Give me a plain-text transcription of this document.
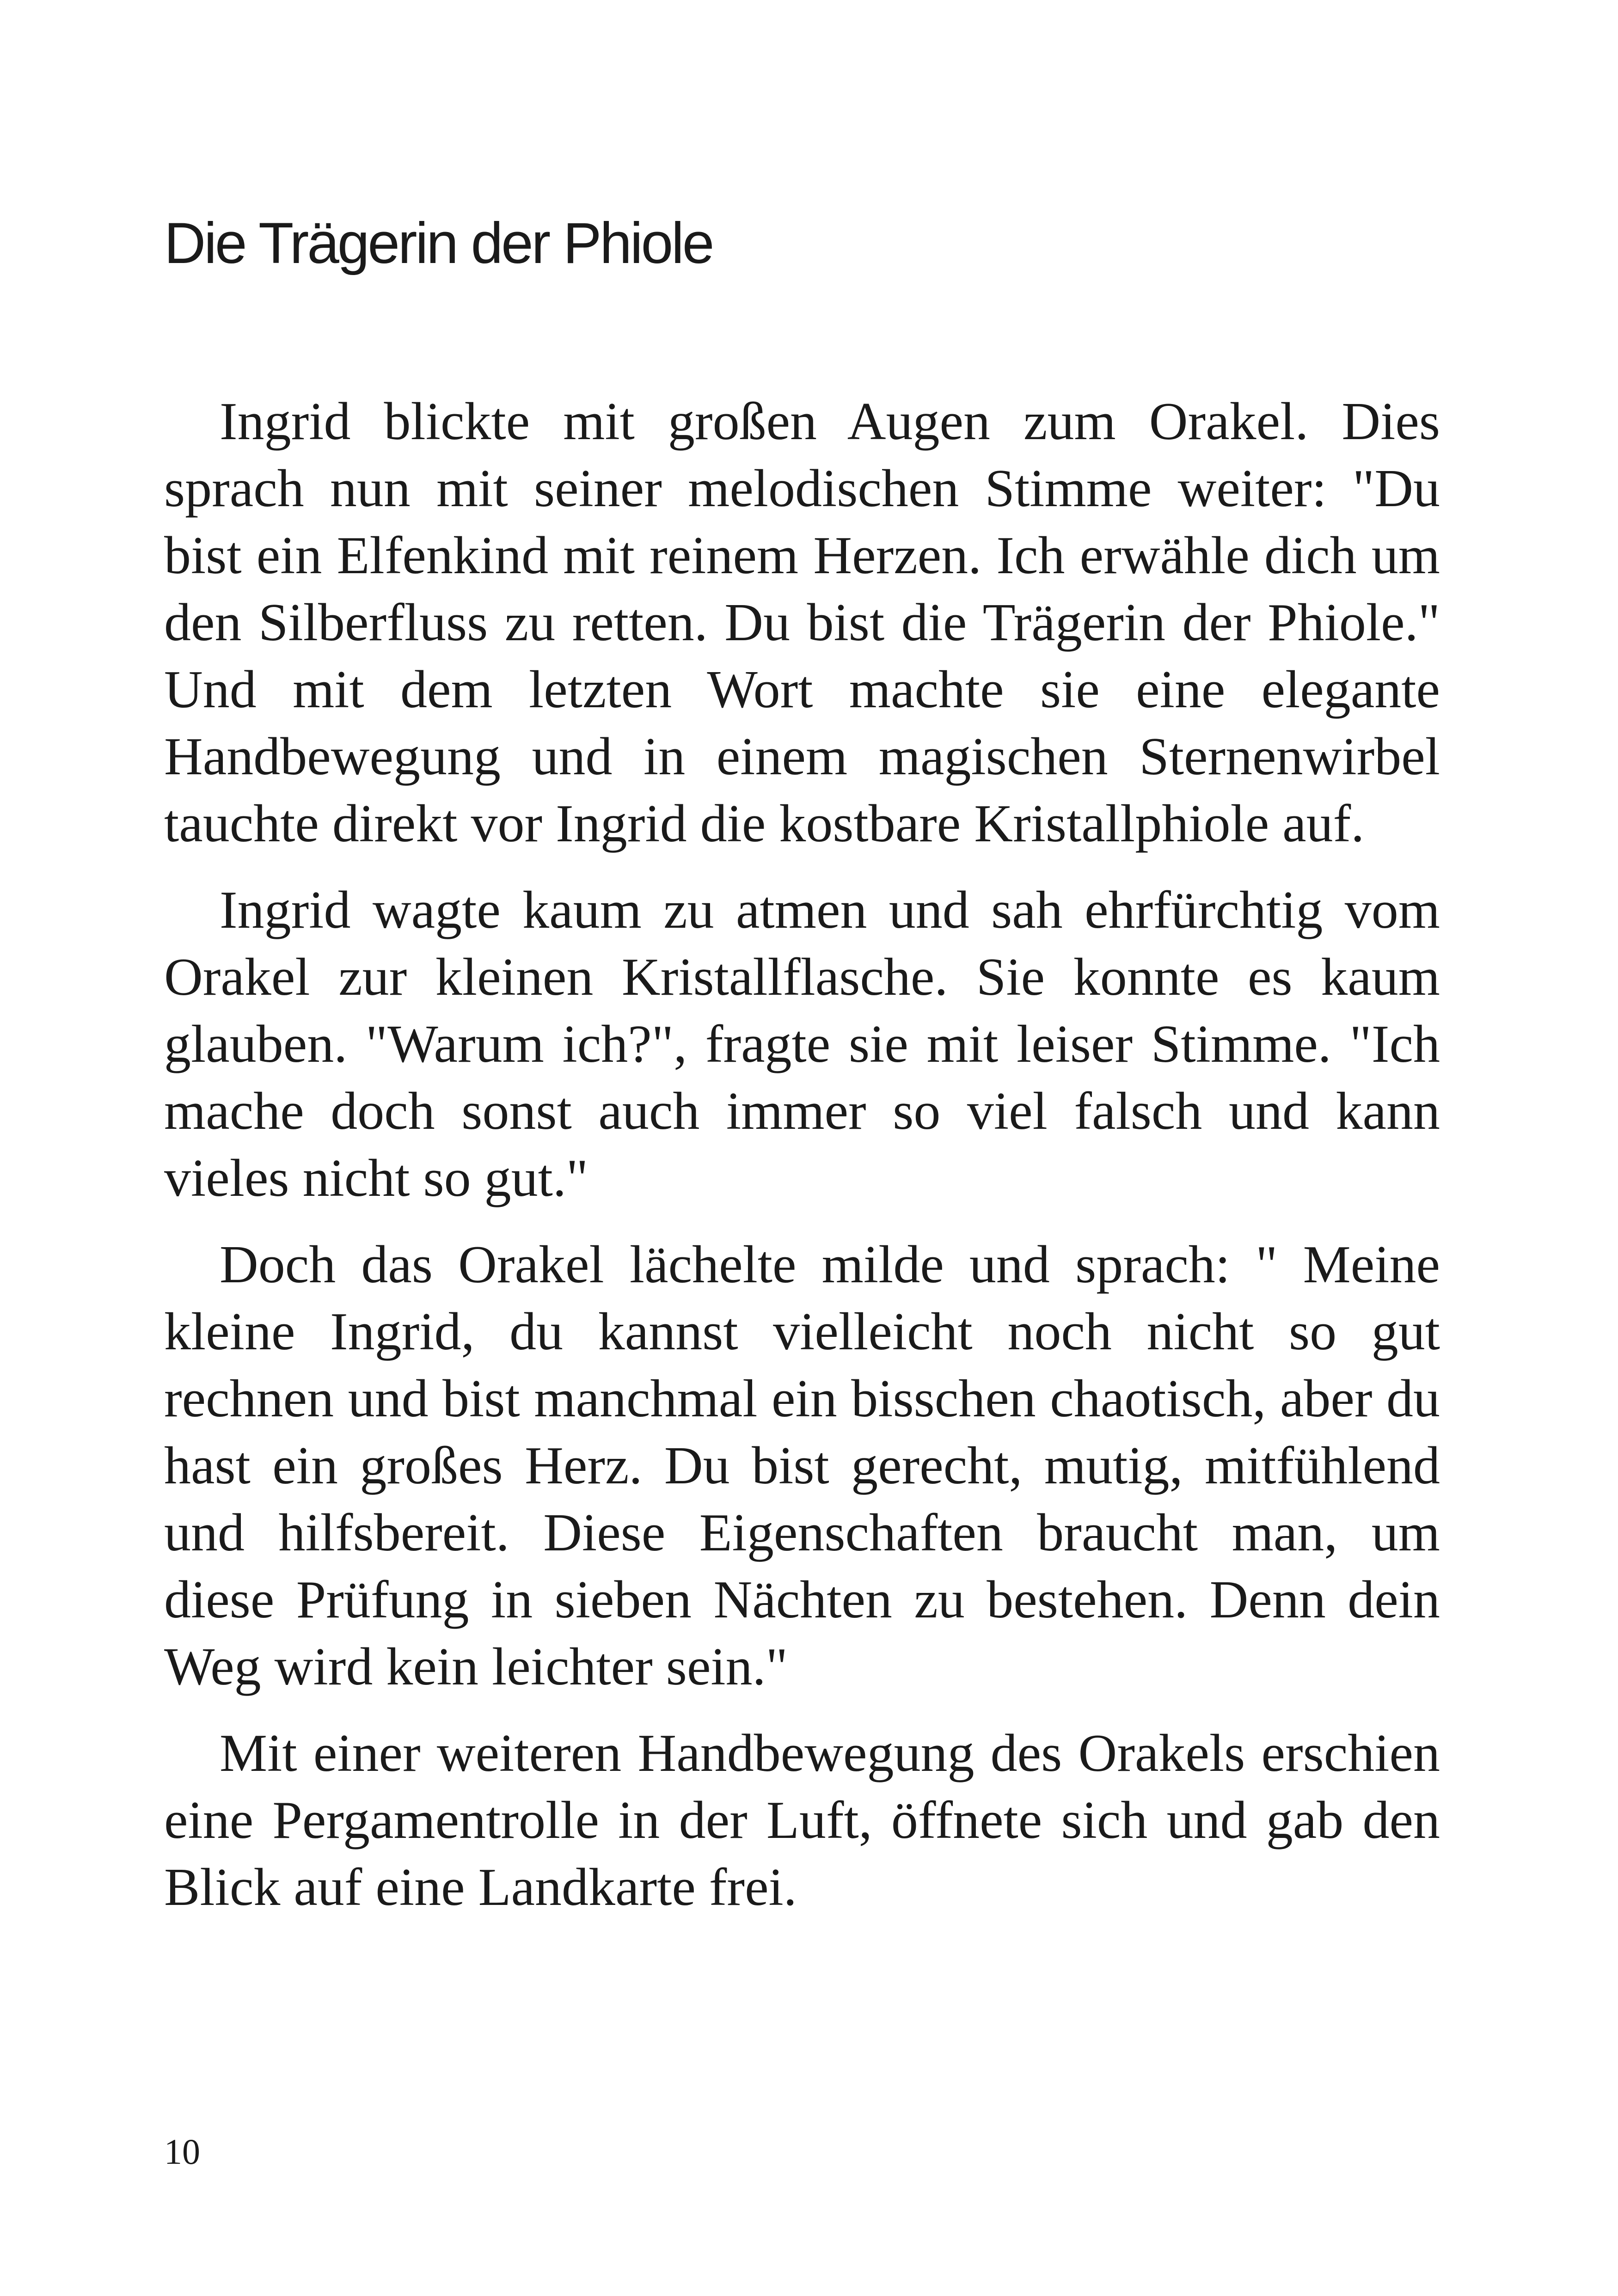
Die Trägerin der Phiole

Ingrid blickte mit großen Augen zum Orakel. Dies sprach nun mit seiner melodischen Stimme weiter: "Du bist ein Elfenkind mit reinem Herzen. Ich erwähle dich um den Silberfluss zu retten. Du bist die Trägerin der Phiole." Und mit dem letzten Wort machte sie eine elegante Handbewegung und in einem magischen Sternenwirbel tauchte direkt vor Ingrid die kostbare Kristallphiole auf.

Ingrid wagte kaum zu atmen und sah ehrfürchtig vom Orakel zur kleinen Kristallflasche. Sie konnte es kaum glauben. "Warum ich?", fragte sie mit leiser Stimme. "Ich mache doch sonst auch immer so viel falsch und kann vieles nicht so gut."

Doch das Orakel lächelte milde und sprach: " Meine kleine Ingrid, du kannst vielleicht noch nicht so gut rechnen und bist manchmal ein bisschen chaotisch, aber du hast ein großes Herz. Du bist gerecht, mutig, mitfühlend und hilfsbereit. Diese Eigenschaften braucht man, um diese Prüfung in sieben Nächten zu bestehen. Denn dein Weg wird kein leichter sein."

Mit einer weiteren Handbewegung des Orakels erschien eine Pergamentrolle in der Luft, öffnete sich und gab den Blick auf eine Landkarte frei.

10
